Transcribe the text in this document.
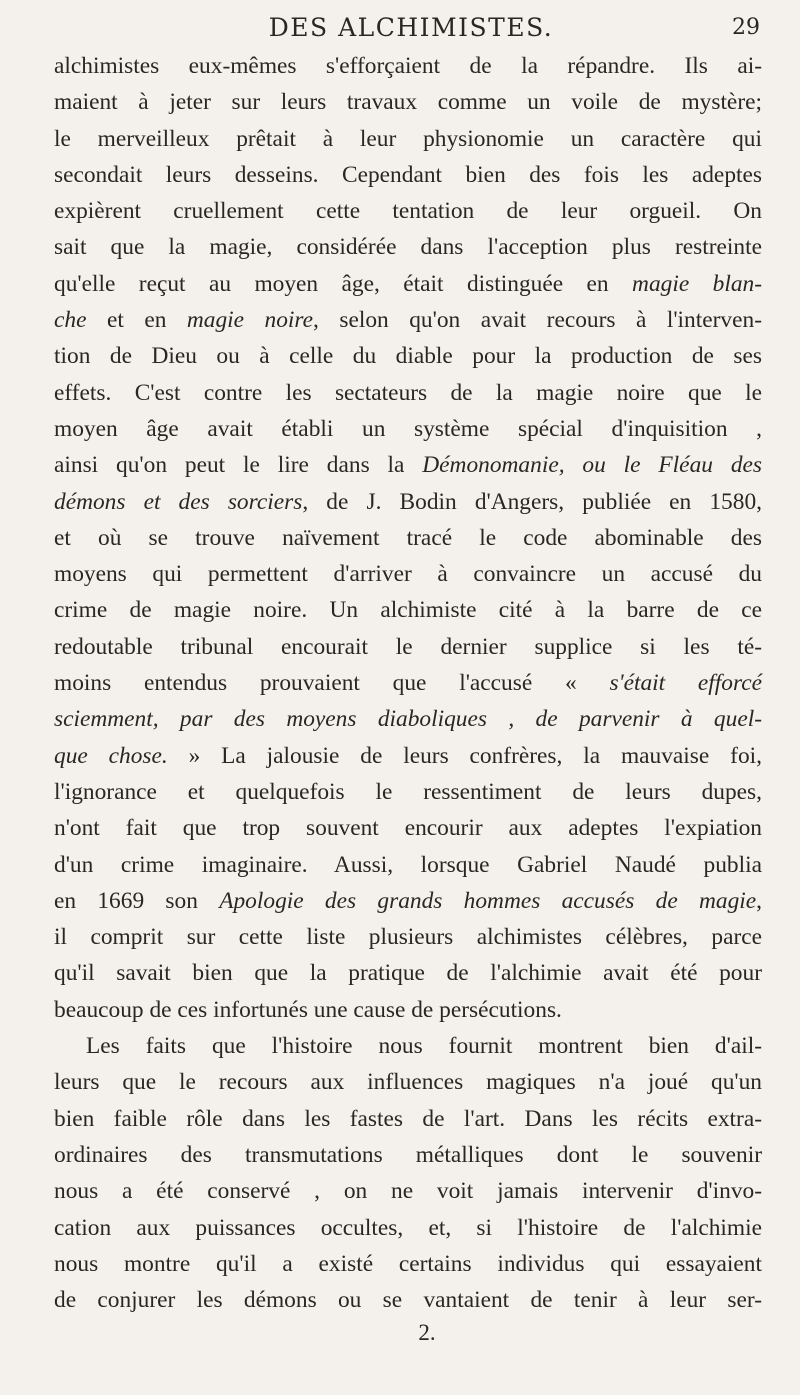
DES ALCHIMISTES.	29
alchimistes eux-mêmes s'efforçaient de la répandre. Ils ai-
maient à jeter sur leurs travaux comme un voile de mystère;
le merveilleux prêtait à leur physionomie un caractère qui
secondait leurs desseins. Cependant bien des fois les adeptes
expièrent cruellement cette tentation de leur orgueil. On
sait que la magie, considérée dans l'acception plus restreinte
qu'elle reçut au moyen âge, était distinguée en magie blan-
che et en magie noire, selon qu'on avait recours à l'interven-
tion de Dieu ou à celle du diable pour la production de ses
effets. C'est contre les sectateurs de la magie noire que le
moyen âge avait établi un système spécial d'inquisition ,
ainsi qu'on peut le lire dans la Démonomanie, ou le Fléau des
démons et des sorciers, de J. Bodin d'Angers, publiée en 1580,
et où se trouve naïvement tracé le code abominable des
moyens qui permettent d'arriver à convaincre un accusé du
crime de magie noire. Un alchimiste cité à la barre de ce
redoutable tribunal encourait le dernier supplice si les té-
moins entendus prouvaient que l'accusé « s'était efforcé
sciemment, par des moyens diaboliques , de parvenir à quel-
que chose. » La jalousie de leurs confrères, la mauvaise foi,
l'ignorance et quelquefois le ressentiment de leurs dupes,
n'ont fait que trop souvent encourir aux adeptes l'expiation
d'un crime imaginaire. Aussi, lorsque Gabriel Naudé publia
en 1669 son Apologie des grands hommes accusés de magie,
il comprit sur cette liste plusieurs alchimistes célèbres, parce
qu'il savait bien que la pratique de l'alchimie avait été pour
beaucoup de ces infortunés une cause de persécutions.
Les faits que l'histoire nous fournit montrent bien d'ail-
leurs que le recours aux influences magiques n'a joué qu'un
bien faible rôle dans les fastes de l'art. Dans les récits extra-
ordinaires des transmutations métalliques dont le souvenir
nous a été conservé , on ne voit jamais intervenir d'invo-
cation aux puissances occultes, et, si l'histoire de l'alchimie
nous montre qu'il a existé certains individus qui essayaient
de conjurer les démons ou se vantaient de tenir à leur ser-
2.
